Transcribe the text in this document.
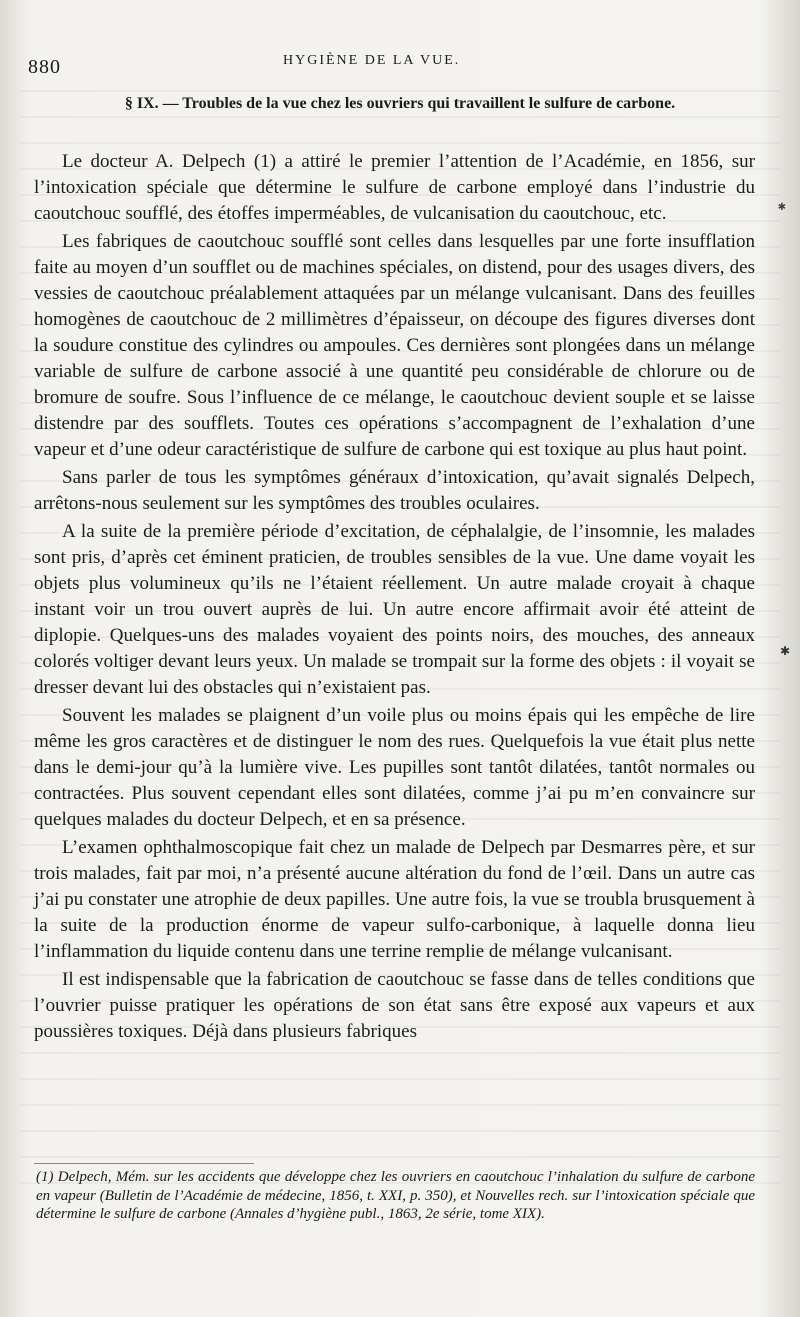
880	HYGIÈNE DE LA VUE.
§ IX. — Troubles de la vue chez les ouvriers qui travaillent le sulfure de carbone.

Le docteur A. Delpech (1) a attiré le premier l’attention de l’Académie, en 1856, sur l’intoxication spéciale que détermine le sulfure de carbone employé dans l’industrie du caoutchouc soufflé, des étoffes imperméables, de vulcanisation du caoutchouc, etc.

Les fabriques de caoutchouc soufflé sont celles dans lesquelles par une forte insufflation faite au moyen d’un soufflet ou de machines spéciales, on distend, pour des usages divers, des vessies de caoutchouc préalablement attaquées par un mélange vulcanisant. Dans des feuilles homogènes de caoutchouc de 2 millimètres d’épaisseur, on découpe des figures diverses dont la soudure constitue des cylindres ou ampoules. Ces dernières sont plongées dans un mélange variable de sulfure de carbone associé à une quantité peu considérable de chlorure ou de bromure de soufre. Sous l’influence de ce mélange, le caoutchouc devient souple et se laisse distendre par des soufflets. Toutes ces opérations s’accompagnent de l’exhalation d’une vapeur et d’une odeur caractéristique de sulfure de carbone qui est toxique au plus haut point.

Sans parler de tous les symptômes généraux d’intoxication, qu’avait signalés Delpech, arrêtons-nous seulement sur les symptômes des troubles oculaires.

A la suite de la première période d’excitation, de céphalalgie, de l’insomnie, les malades sont pris, d’après cet éminent praticien, de troubles sensibles de la vue. Une dame voyait les objets plus volumineux qu’ils ne l’étaient réellement. Un autre malade croyait à chaque instant voir un trou ouvert auprès de lui. Un autre encore affirmait avoir été atteint de diplopie. Quelques-uns des malades voyaient des points noirs, des mouches, des anneaux colorés voltiger devant leurs yeux. Un malade se trompait sur la forme des objets : il voyait se dresser devant lui des obstacles qui n’existaient pas.

Souvent les malades se plaignent d’un voile plus ou moins épais qui les empêche de lire même les gros caractères et de distinguer le nom des rues. Quelquefois la vue était plus nette dans le demi-jour qu’à la lumière vive. Les pupilles sont tantôt dilatées, tantôt normales ou contractées. Plus souvent cependant elles sont dilatées, comme j’ai pu m’en convaincre sur quelques malades du docteur Delpech, et en sa présence.

L’examen ophthalmoscopique fait chez un malade de Delpech par Desmarres père, et sur trois malades, fait par moi, n’a présenté aucune altération du fond de l’œil. Dans un autre cas j’ai pu constater une atrophie de deux papilles. Une autre fois, la vue se troubla brusquement à la suite de la production énorme de vapeur sulfo-carbonique, à laquelle donna lieu l’inflammation du liquide contenu dans une terrine remplie de mélange vulcanisant.

Il est indispensable que la fabrication de caoutchouc se fasse dans de telles conditions que l’ouvrier puisse pratiquer les opérations de son état sans être exposé aux vapeurs et aux poussières toxiques. Déjà dans plusieurs fabriques

(1) Delpech, Mém. sur les accidents que développe chez les ouvriers en caoutchouc l’inhalation du sulfure de carbone en vapeur (Bulletin de l’Académie de médecine, 1856, t. XXI, p. 350), et Nouvelles rech. sur l’intoxication spéciale que détermine le sulfure de carbone (Annales d’hygiène publ., 1863, 2e série, tome XIX).
✱
✱
